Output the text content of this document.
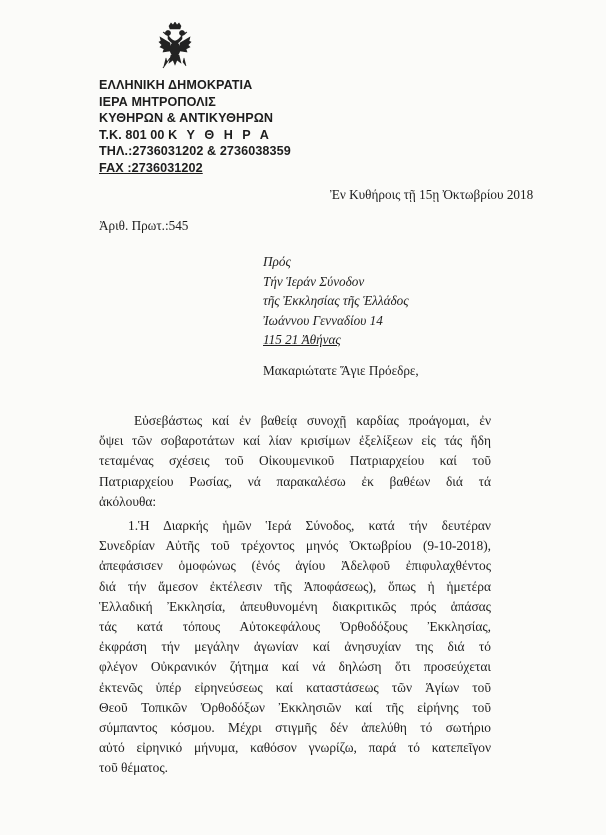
ΕΛΛΗΝΙΚΗ ΔΗΜΟΚΡΑΤΙΑ
ΙΕΡΑ ΜΗΤΡΟΠΟΛΙΣ
ΚΥΘΗΡΩΝ & ΑΝΤΙΚΥΘΗΡΩΝ
Τ.Κ. 801 00 Κ Υ Θ Η Ρ Α
ΤΗΛ.:2736031202 & 2736038359
FAX :2736031202
Ἐν Κυθήροις τῇ 15ῃ Ὀκτωβρίου 2018
Ἀριθ. Πρωτ.:545
Πρός
Τήν Ἱεράν Σύνοδον
τῆς Ἐκκλησίας τῆς Ἑλλάδος
Ἰωάννου Γενναδίου 14
115 21 Ἀθήνας
Μακαριώτατε Ἅγιε Πρόεδρε,
Εὐσεβάστως καί ἐν βαθείᾳ συνοχῇ καρδίας προάγομαι, ἐν
ὄψει τῶν σοβαροτάτων καί λίαν κρισίμων ἐξελίξεων εἰς τάς ἤδη
τεταμένας σχέσεις τοῦ Οἰκουμενικοῦ Πατριαρχείου καί τοῦ
Πατριαρχείου Ρωσίας, νά παρακαλέσω ἐκ βαθέων διά τά
ἀκόλουθα:
1.Ἡ Διαρκής ἡμῶν Ἱερά Σύνοδος, κατά τήν δευτέραν
Συνεδρίαν Αὐτῆς τοῦ τρέχοντος μηνός Ὀκτωβρίου (9-10-2018),
ἀπεφάσισεν ὁμοφώνως (ἑνός ἁγίου Ἀδελφοῦ ἐπιφυλαχθέντος
διά τήν ἄμεσον ἐκτέλεσιν τῆς Ἀποφάσεως), ὅπως ἡ ἡμετέρα
Ἑλλαδική Ἐκκλησία, ἀπευθυνομένη διακριτικῶς πρός ἁπάσας
τάς κατά τόπους Αὐτοκεφάλους Ὀρθοδόξους Ἐκκλησίας,
ἐκφράση τήν μεγάλην ἀγωνίαν καί ἀνησυχίαν της διά τό
φλέγον Οὐκρανικόν ζήτημα καί νά δηλώση ὅτι προσεύχεται
ἐκτενῶς ὑπέρ εἰρηνεύσεως καί καταστάσεως τῶν Ἁγίων τοῦ
Θεοῦ Τοπικῶν Ὀρθοδόξων Ἐκκλησιῶν καί τῆς εἰρήνης τοῦ
σύμπαντος κόσμου. Μέχρι στιγμῆς δέν ἀπελύθη τό σωτήριο
αὐτό εἰρηνικό μήνυμα, καθόσον γνωρίζω, παρά τό κατεπεῖγον
τοῦ θέματος.
